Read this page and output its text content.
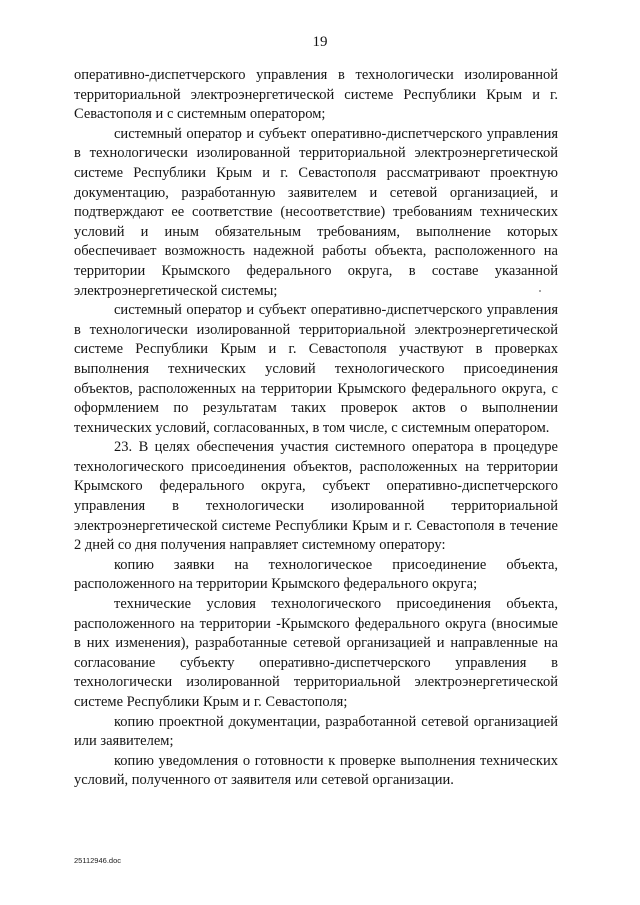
19

оперативно-диспетчерского управления в технологически изолированной территориальной электроэнергетической системе Республики Крым и г. Севастополя и с системным оператором;

системный оператор и субъект оперативно-диспетчерского управления в технологически изолированной территориальной электроэнергетической системе Республики Крым и г. Севастополя рассматривают проектную документацию, разработанную заявителем и сетевой организацией, и подтверждают ее соответствие (несоответствие) требованиям технических условий и иным обязательным требованиям, выполнение которых обеспечивает возможность надежной работы объекта, расположенного на территории Крымского федерального округа, в составе указанной электроэнергетической системы;

системный оператор и субъект оперативно-диспетчерского управления в технологически изолированной территориальной электроэнергетической системе Республики Крым и г. Севастополя участвуют в проверках выполнения технических условий технологического присоединения объектов, расположенных на территории Крымского федерального округа, с оформлением по результатам таких проверок актов о выполнении технических условий, согласованных, в том числе, с системным оператором.

23. В целях обеспечения участия системного оператора в процедуре технологического присоединения объектов, расположенных на территории Крымского федерального округа, субъект оперативно-диспетчерского управления в технологически изолированной территориальной электроэнергетической системе Республики Крым и г. Севастополя в течение 2 дней со дня получения направляет системному оператору:

копию заявки на технологическое присоединение объекта, расположенного на территории Крымского федерального округа;

технические условия технологического присоединения объекта, расположенного на территории -Крымского федерального округа (вносимые в них изменения), разработанные сетевой организацией и направленные на согласование субъекту оперативно-диспетчерского управления в технологически изолированной территориальной электроэнергетической системе Республики Крым и г. Севастополя;

копию проектной документации, разработанной сетевой организацией или заявителем;

копию уведомления о готовности к проверке выполнения технических условий, полученного от заявителя или сетевой организации.

25112946.doc
